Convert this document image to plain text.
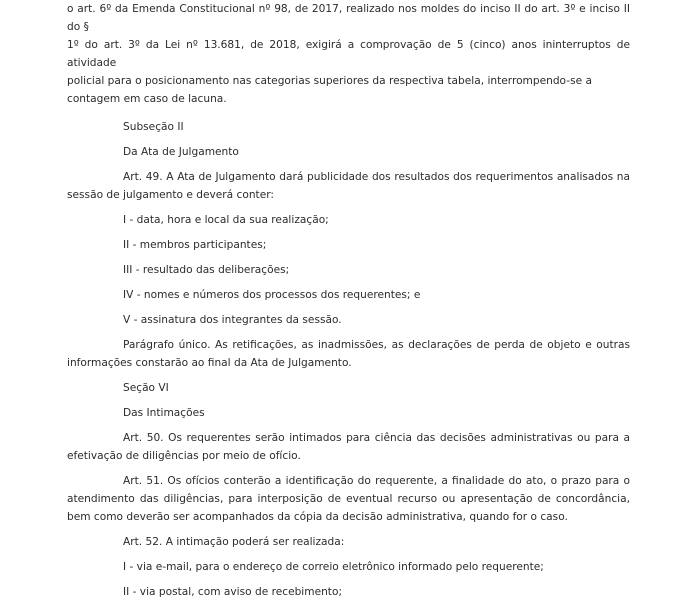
o art. 6º da Emenda Constitucional nº 98, de 2017, realizado nos moldes do inciso II do art. 3º e inciso II do §

1º do art. 3º da Lei nº 13.681, de 2018, exigirá a comprovação de 5 (cinco) anos ininterruptos de atividade

policial para o posicionamento nas categorias superiores da respectiva tabela, interrompendo-se a

contagem em caso de lacuna.

Subseção II

Da Ata de Julgamento

Art. 49. A Ata de Julgamento dará publicidade dos resultados dos requerimentos analisados na sessão de julgamento e deverá conter:

I - data, hora e local da sua realização;

II - membros participantes;

III - resultado das deliberações;

IV - nomes e números dos processos dos requerentes; e

V - assinatura dos integrantes da sessão.

Parágrafo único. As retificações, as inadmissões, as declarações de perda de objeto e outras informações constarão ao final da Ata de Julgamento.

Seção VI

Das Intimações

Art. 50. Os requerentes serão intimados para ciência das decisões administrativas ou para a efetivação de diligências por meio de ofício.

Art. 51. Os ofícios conterão a identificação do requerente, a finalidade do ato, o prazo para o atendimento das diligências, para interposição de eventual recurso ou apresentação de concordância, bem como deverão ser acompanhados da cópia da decisão administrativa, quando for o caso.

Art. 52. A intimação poderá ser realizada:

I - via e-mail, para o endereço de correio eletrônico informado pelo requerente;

II - via postal, com aviso de recebimento;
